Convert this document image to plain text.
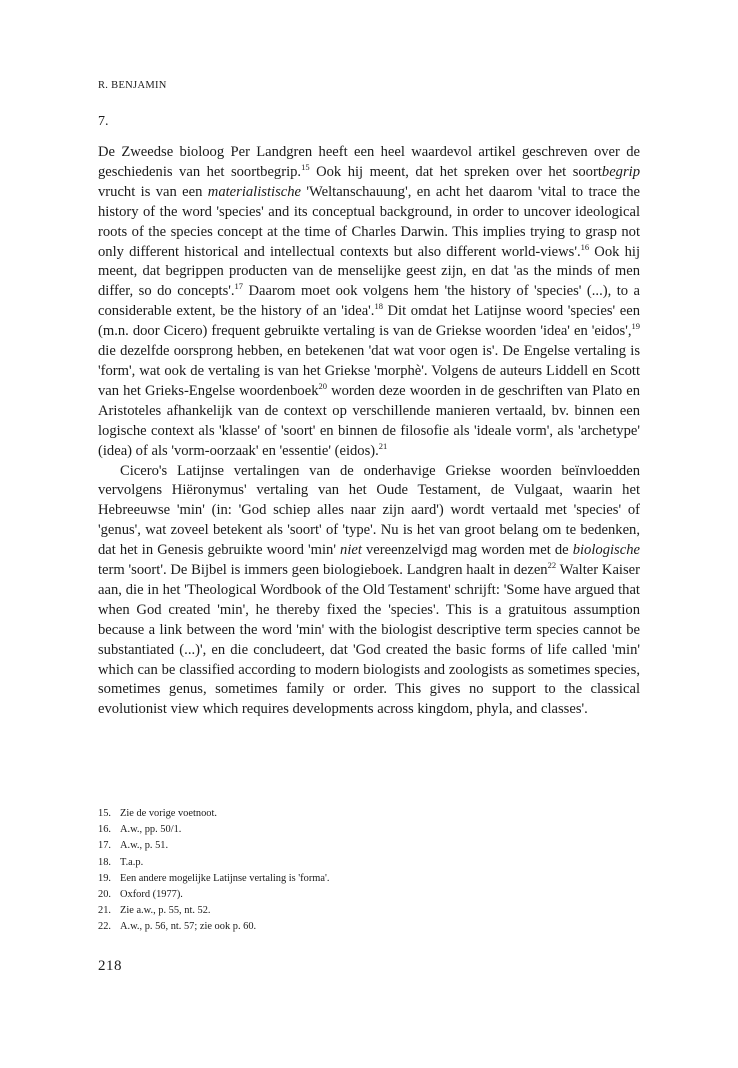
R. BENJAMIN
7.

De Zweedse bioloog Per Landgren heeft een heel waardevol artikel geschreven over de geschiedenis van het soortbegrip.$^{15}$ Ook hij meent, dat het spreken over het soortbegrip vrucht is van een materialistische 'Weltanschauung', en acht het daarom 'vital to trace the history of the word 'species' and its conceptual background, in order to uncover ideological roots of the species concept at the time of Charles Darwin. This implies trying to grasp not only different historical and intellectual contexts but also different world-views'.$^{16}$ Ook hij meent, dat begrippen producten van de menselijke geest zijn, en dat 'as the minds of men differ, so do concepts'.$^{17}$ Daarom moet ook volgens hem 'the history of 'species' (...), to a considerable extent, be the history of an 'idea'.$^{18}$ Dit omdat het Latijnse woord 'species' een (m.n. door Cicero) frequent gebruikte vertaling is van de Griekse woorden 'idea' en 'eidos',$^{19}$ die dezelfde oorsprong hebben, en betekenen 'dat wat voor ogen is'. De Engelse vertaling is 'form', wat ook de vertaling is van het Griekse 'morphè'. Volgens de auteurs Liddell en Scott van het Grieks-Engelse woordenboek$^{20}$ worden deze woorden in de geschriften van Plato en Aristoteles afhankelijk van de context op verschillende manieren vertaald, bv. binnen een logische context als 'klasse' of 'soort' en binnen de filosofie als 'ideale vorm', als 'archetype' (idea) of als 'vorm-oorzaak' en 'essentie' (eidos).$^{21}$

Cicero's Latijnse vertalingen van de onderhavige Griekse woorden beïnvloedden vervolgens Hiëronymus' vertaling van het Oude Testament, de Vulgaat, waarin het Hebreeuwse 'min' (in: 'God schiep alles naar zijn aard') wordt vertaald met 'species' of 'genus', wat zoveel betekent als 'soort' of 'type'. Nu is het van groot belang om te bedenken, dat het in Genesis gebruikte woord 'min' niet vereenzelvigd mag worden met de biologische term 'soort'. De Bijbel is immers geen biologieboek. Landgren haalt in dezen$^{22}$ Walter Kaiser aan, die in het 'Theological Wordbook of the Old Testament' schrijft: 'Some have argued that when God created 'min', he thereby fixed the 'species'. This is a gratuitous assumption because a link between the word 'min' with the biologist descriptive term species cannot be substantiated (...)', en die concludeert, dat 'God created the basic forms of life called 'min' which can be classified according to modern biologists and zoologists as sometimes species, sometimes genus, sometimes family or order. This gives no support to the classical evolutionist view which requires developments across kingdom, phyla, and classes'.

15. Zie de vorige voetnoot.
16. A.w., pp. 50/1.
17. A.w., p. 51.
18. T.a.p.
19. Een andere mogelijke Latijnse vertaling is 'forma'.
20. Oxford (1977).
21. Zie a.w., p. 55, nt. 52.
22. A.w., p. 56, nt. 57; zie ook p. 60.
218
